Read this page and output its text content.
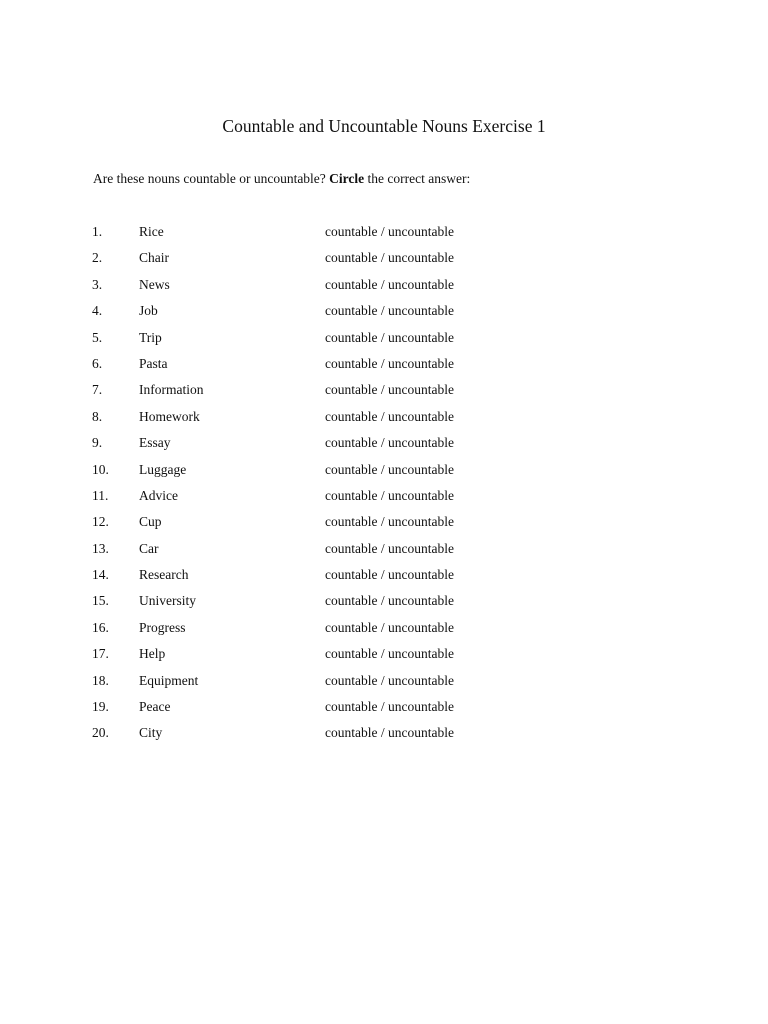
Countable and Uncountable Nouns Exercise 1
Are these nouns countable or uncountable? Circle the correct answer:
1.	Rice	countable / uncountable
2.	Chair	countable / uncountable
3.	News	countable / uncountable
4.	Job	countable / uncountable
5.	Trip	countable / uncountable
6.	Pasta	countable / uncountable
7.	Information	countable / uncountable
8.	Homework	countable / uncountable
9.	Essay	countable / uncountable
10. Luggage	countable / uncountable
11. Advice	countable / uncountable
12. Cup	countable / uncountable
13. Car	countable / uncountable
14. Research	countable / uncountable
15. University	countable / uncountable
16. Progress	countable / uncountable
17. Help	countable / uncountable
18. Equipment	countable / uncountable
19. Peace	countable / uncountable
20. City	countable / uncountable
